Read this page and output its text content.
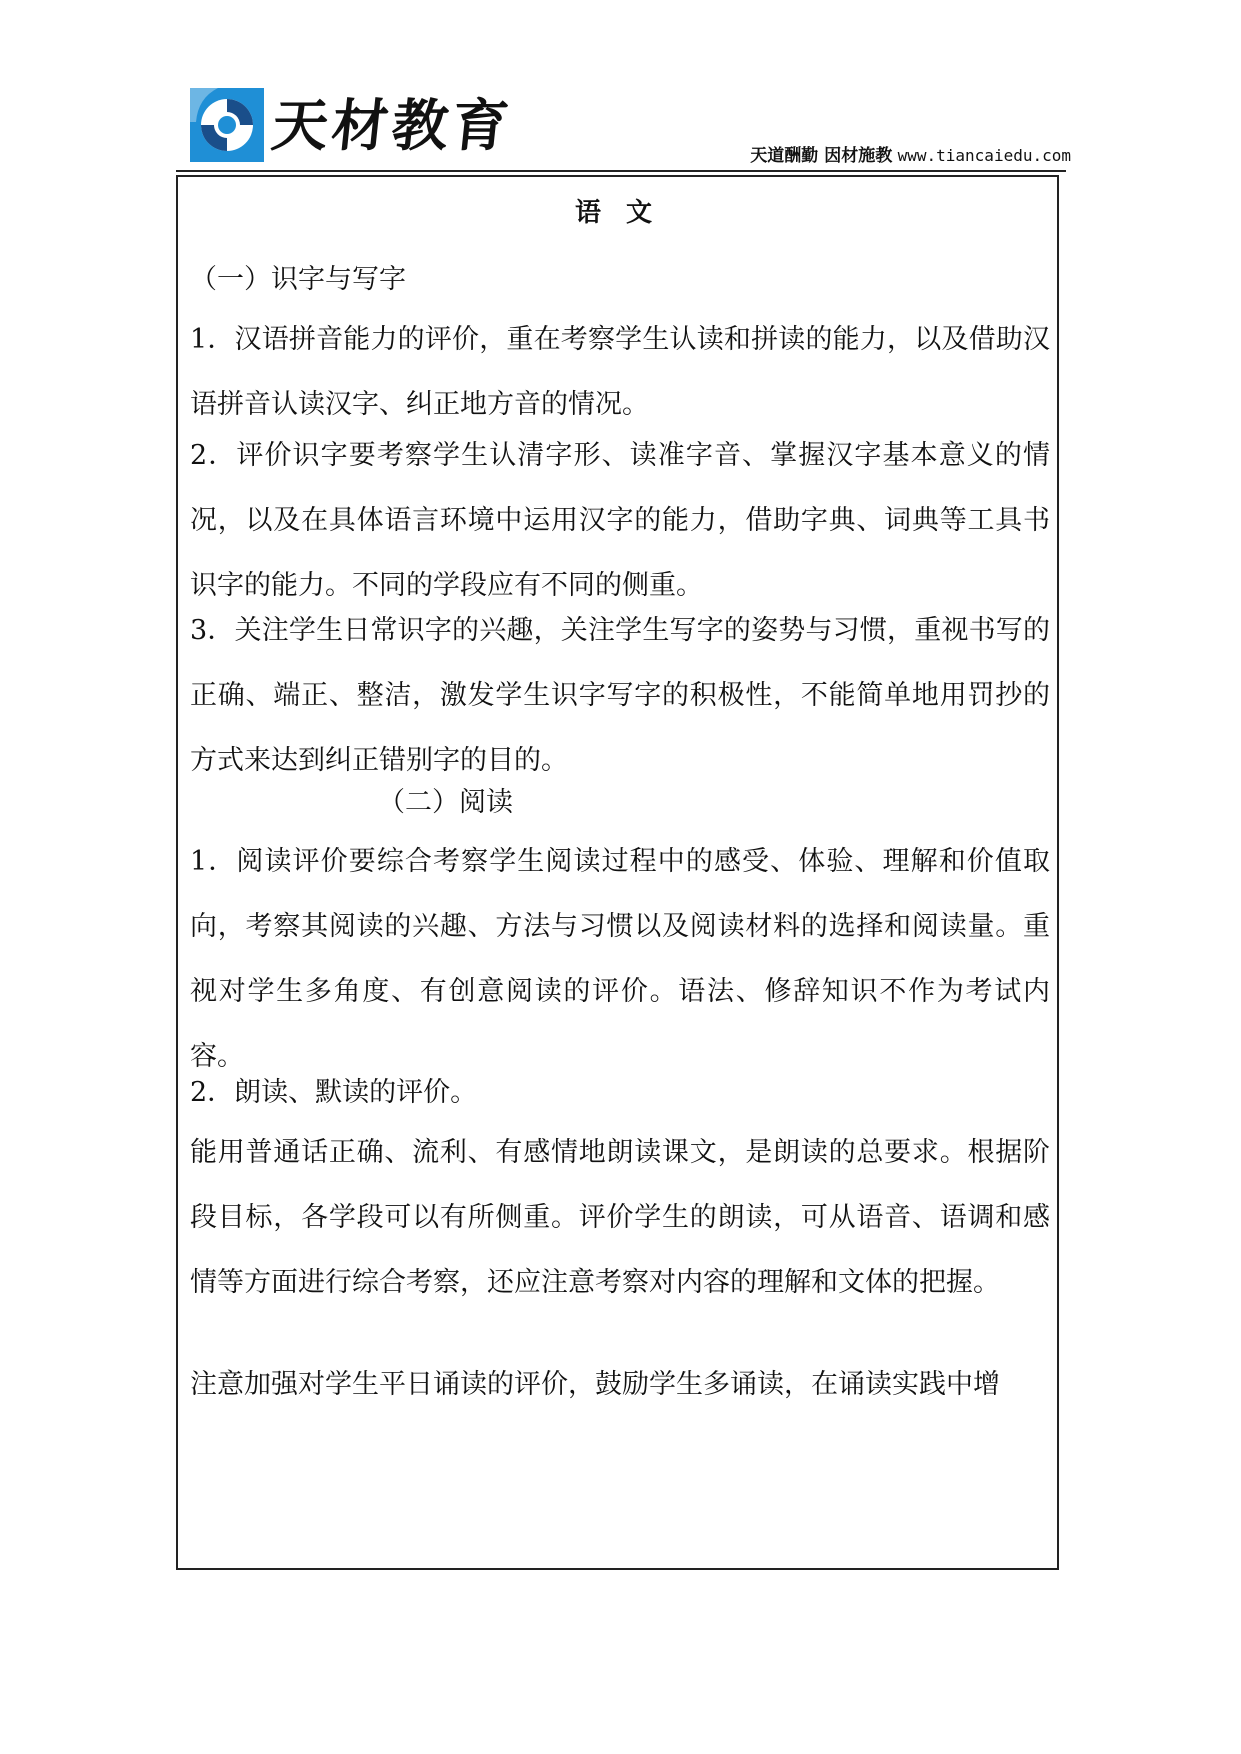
天材教育	天道酬勤 因材施教 www.tiancaiedu.com
语 文
（一）识字与写字
1．汉语拼音能力的评价，重在考察学生认读和拼读的能力，以及借助汉语拼音认读汉字、纠正地方音的情况。
2．评价识字要考察学生认清字形、读准字音、掌握汉字基本意义的情况，以及在具体语言环境中运用汉字的能力，借助字典、词典等工具书识字的能力。不同的学段应有不同的侧重。
3．关注学生日常识字的兴趣，关注学生写字的姿势与习惯，重视书写的正确、端正、整洁，激发学生识字写字的积极性，不能简单地用罚抄的方式来达到纠正错别字的目的。
（二）阅读
1．阅读评价要综合考察学生阅读过程中的感受、体验、理解和价值取向，考察其阅读的兴趣、方法与习惯以及阅读材料的选择和阅读量。重视对学生多角度、有创意阅读的评价。语法、修辞知识不作为考试内容。
2．朗读、默读的评价。
能用普通话正确、流利、有感情地朗读课文，是朗读的总要求。根据阶段目标，各学段可以有所侧重。评价学生的朗读，可从语音、语调和感情等方面进行综合考察，还应注意考察对内容的理解和文体的把握。
注意加强对学生平日诵读的评价，鼓励学生多诵读，在诵读实践中增
